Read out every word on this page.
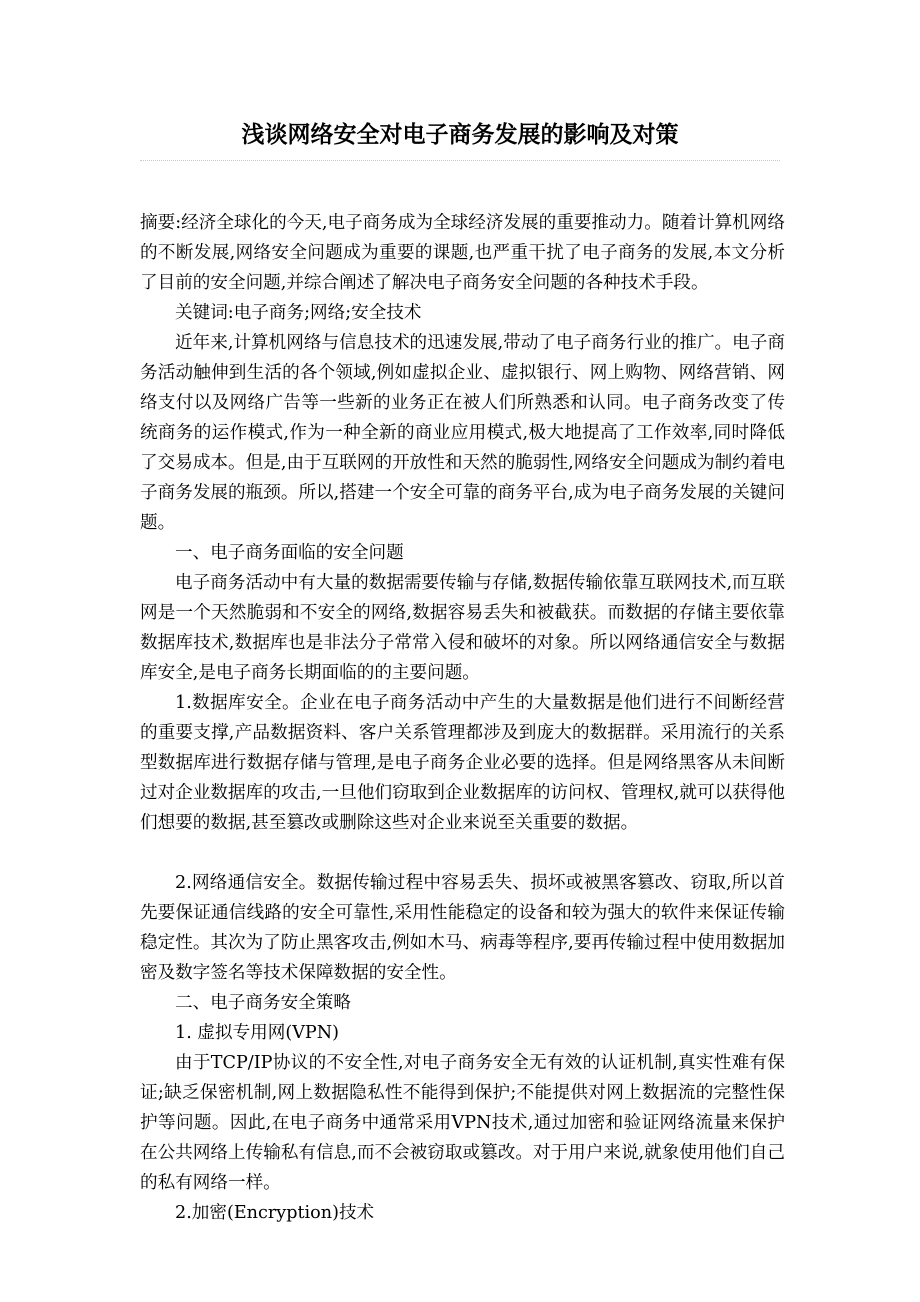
浅谈网络安全对电子商务发展的影响及对策

摘要:经济全球化的今天,电子商务成为全球经济发展的重要推动力。随着计算机网络的不断发展,网络安全问题成为重要的课题,也严重干扰了电子商务的发展,本文分析了目前的安全问题,并综合阐述了解决电子商务安全问题的各种技术手段。

关键词:电子商务;网络;安全技术

近年来,计算机网络与信息技术的迅速发展,带动了电子商务行业的推广。电子商务活动触伸到生活的各个领域,例如虚拟企业、虚拟银行、网上购物、网络营销、网络支付以及网络广告等一些新的业务正在被人们所熟悉和认同。电子商务改变了传统商务的运作模式,作为一种全新的商业应用模式,极大地提高了工作效率,同时降低了交易成本。但是,由于互联网的开放性和天然的脆弱性,网络安全问题成为制约着电子商务发展的瓶颈。所以,搭建一个安全可靠的商务平台,成为电子商务发展的关键问题。

一、电子商务面临的安全问题

电子商务活动中有大量的数据需要传输与存储,数据传输依靠互联网技术,而互联网是一个天然脆弱和不安全的网络,数据容易丢失和被截获。而数据的存储主要依靠数据库技术,数据库也是非法分子常常入侵和破坏的对象。所以网络通信安全与数据库安全,是电子商务长期面临的的主要问题。

1.数据库安全。企业在电子商务活动中产生的大量数据是他们进行不间断经营的重要支撑,产品数据资料、客户关系管理都涉及到庞大的数据群。采用流行的关系型数据库进行数据存储与管理,是电子商务企业必要的选择。但是网络黑客从未间断过对企业数据库的攻击,一旦他们窃取到企业数据库的访问权、管理权,就可以获得他们想要的数据,甚至篡改或删除这些对企业来说至关重要的数据。

2.网络通信安全。数据传输过程中容易丢失、损坏或被黑客篡改、窃取,所以首先要保证通信线路的安全可靠性,采用性能稳定的设备和较为强大的软件来保证传输稳定性。其次为了防止黑客攻击,例如木马、病毒等程序,要再传输过程中使用数据加密及数字签名等技术保障数据的安全性。

二、电子商务安全策略

1. 虚拟专用网(VPN)

由于TCP/IP协议的不安全性,对电子商务安全无有效的认证机制,真实性难有保证;缺乏保密机制,网上数据隐私性不能得到保护;不能提供对网上数据流的完整性保护等问题。因此,在电子商务中通常采用VPN技术,通过加密和验证网络流量来保护在公共网络上传输私有信息,而不会被窃取或篡改。对于用户来说,就象使用他们自己的私有网络一样。

2.加密(Encryption)技术
